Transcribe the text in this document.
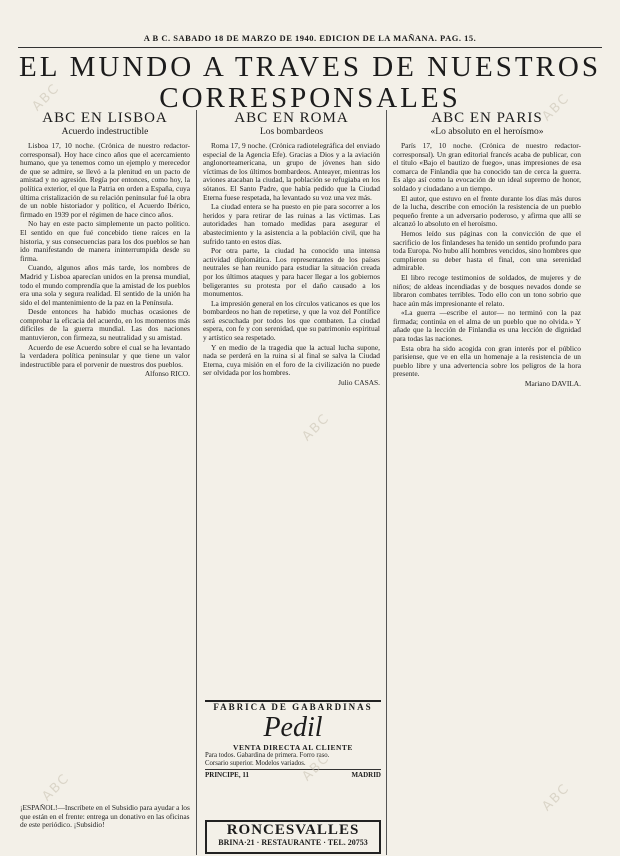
A B C. SABADO 18 DE MARZO DE 1940. EDICION DE LA MAÑANA. PAG. 15.
EL MUNDO A TRAVES DE NUESTROS
CORRESPONSALES
ABC EN LISBOA
Acuerdo indestructible

Lisboa 17, 10 noche. (Crónica de nuestro redactor-corresponsal). Hoy hace cinco años que el acercamiento humano, que ya tenemos como un ejemplo y merecedor de que se admire, se llevó a la plenitud en un pacto de amistad y no agresión. Regía por entonces, como hoy, la política exterior, el que la Patria en orden a España, cuya última cristalización de su relación peninsular fué la obra de un noble historiador y político, el Acuerdo Ibérico, firmado en 1939 por el régimen de hace cinco años.

No hay en este pacto simplemente un pacto político. El sentido en que fué concebido tiene raíces en la historia, y sus consecuencias para los dos pueblos se han ido manifestando de manera ininterrumpida desde su firma.

Cuando, algunos años más tarde, los nombres de Madrid y Lisboa aparecían unidos en la prensa mundial, todo el mundo comprendía que la amistad de los pueblos era una sola y segura realidad. El sentido de la unión ha sido el del mantenimiento de la paz en la Península.

Desde entonces ha habido muchas ocasiones de comprobar la eficacia del acuerdo, en los momentos más difíciles de la guerra mundial. Las dos naciones mantuvieron, con firmeza, su neutralidad y su amistad.

Acuerdo de ese Acuerdo sobre el cual se ha levantado la verdadera política peninsular y que tiene un valor indestructible para el porvenir de nuestros dos pueblos.

Alfonso RICO.
¡ESPAÑOL!—Inscríbete en el Subsidio para ayudar a los que están en el frente: entrega un donativo en las oficinas de este periódico. ¡Subsidio!
ABC EN ROMA
Los bombardeos

Roma 17, 9 noche. (Crónica radiotelegráfica del enviado especial de la Agencia Efe). Gracias a Dios y a la aviación anglonorteamericana, un grupo de jóvenes han sido víctimas de los últimos bombardeos. Anteayer, mientras los aviones atacaban la ciudad, la población se refugiaba en los sótanos. El Santo Padre, que había pedido que la Ciudad Eterna fuese respetada, ha levantado su voz una vez más.

La ciudad entera se ha puesto en pie para socorrer a los heridos y para retirar de las ruinas a las víctimas. Las autoridades han tomado medidas para asegurar el abastecimiento y la asistencia a la población civil, que ha sufrido tanto en estos días.

Por otra parte, la ciudad ha conocido una intensa actividad diplomática. Los representantes de los países neutrales se han reunido para estudiar la situación creada por los últimos ataques y para hacer llegar a los gobiernos beligerantes su protesta por el daño causado a los monumentos.

La impresión general en los círculos vaticanos es que los bombardeos no han de repetirse, y que la voz del Pontífice será escuchada por todos los que combaten. La ciudad espera, con fe y con serenidad, que su patrimonio espiritual y artístico sea respetado.

Y en medio de la tragedia que la actual lucha supone, nada se perderá en la ruina si al final se salva la Ciudad Eterna, cuya misión en el foro de la civilización no puede ser olvidada por los hombres.

Julio CASAS.
FABRICA DE GABARDINAS
Pedil
VENTA DIRECTA AL CLIENTE
Para todos. Gabardina de primera. Forro raso.
Corsario superior. Modelos variados.
PRINCIPE, 11	MADRID
RONCESVALLES
BRINA·21 · RESTAURANTE · TEL. 20753
ABC EN PARIS
«Lo absoluto en el heroísmo»

París 17, 10 noche. (Crónica de nuestro redactor-corresponsal). Un gran editorial francés acaba de publicar, con el título «Bajo el bautizo de fuego», unas impresiones de esa comarca de Finlandia que ha conocido tan de cerca la guerra. Es algo así como la evocación de un ideal supremo de honor, soldado y ciudadano a un tiempo.

El autor, que estuvo en el frente durante los días más duros de la lucha, describe con emoción la resistencia de un pueblo pequeño frente a un adversario poderoso, y afirma que allí se alcanzó lo absoluto en el heroísmo.

Hemos leído sus páginas con la convicción de que el sacrificio de los finlandeses ha tenido un sentido profundo para toda Europa. No hubo allí hombres vencidos, sino hombres que cumplieron su deber hasta el final, con una serenidad admirable.

El libro recoge testimonios de soldados, de mujeres y de niños; de aldeas incendiadas y de bosques nevados donde se libraron combates terribles. Todo ello con un tono sobrio que hace aún más impresionante el relato.

«La guerra —escribe el autor— no terminó con la paz firmada; continúa en el alma de un pueblo que no olvida.» Y añade que la lección de Finlandia es una lección de dignidad para todas las naciones.

Esta obra ha sido acogida con gran interés por el público parisiense, que ve en ella un homenaje a la resistencia de un pueblo libre y una advertencia sobre los peligros de la hora presente.

Mariano DAVILA.
ABC	ABC
ABC
ABC	ABC
ABC
